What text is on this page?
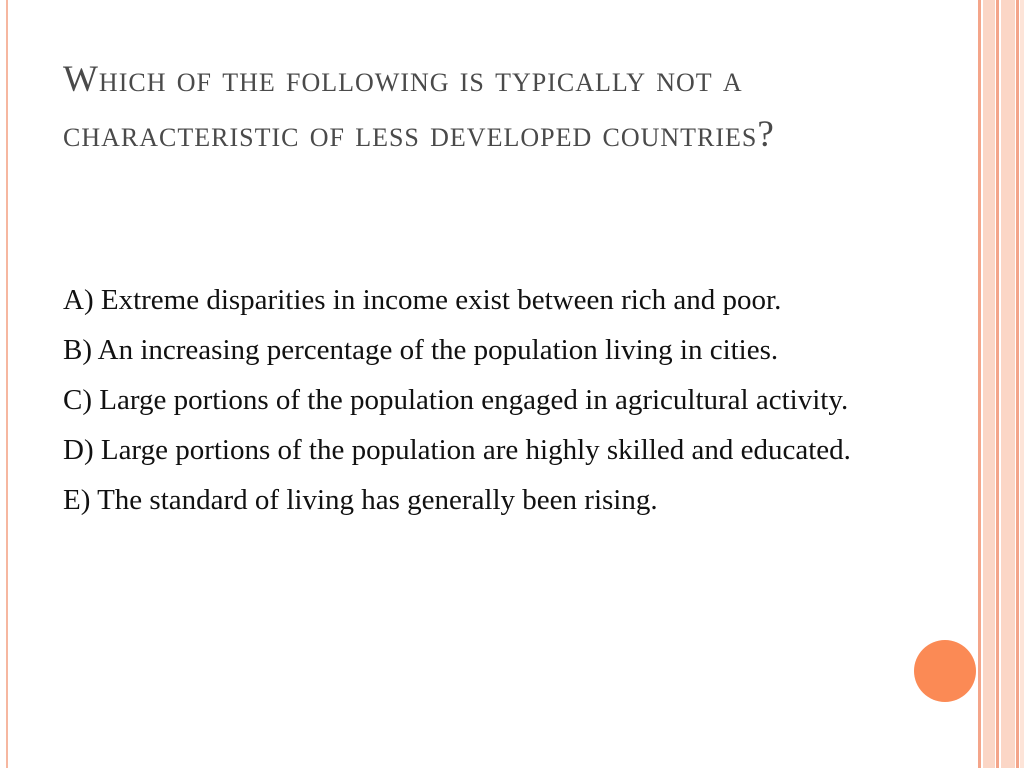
Which of the following is typically not a characteristic of less developed countries?
A) Extreme disparities in income exist between rich and poor.
B) An increasing percentage of the population living in cities.
C) Large portions of the population engaged in agricultural activity.
D) Large portions of the population are highly skilled and educated.
E) The standard of living has generally been rising.
